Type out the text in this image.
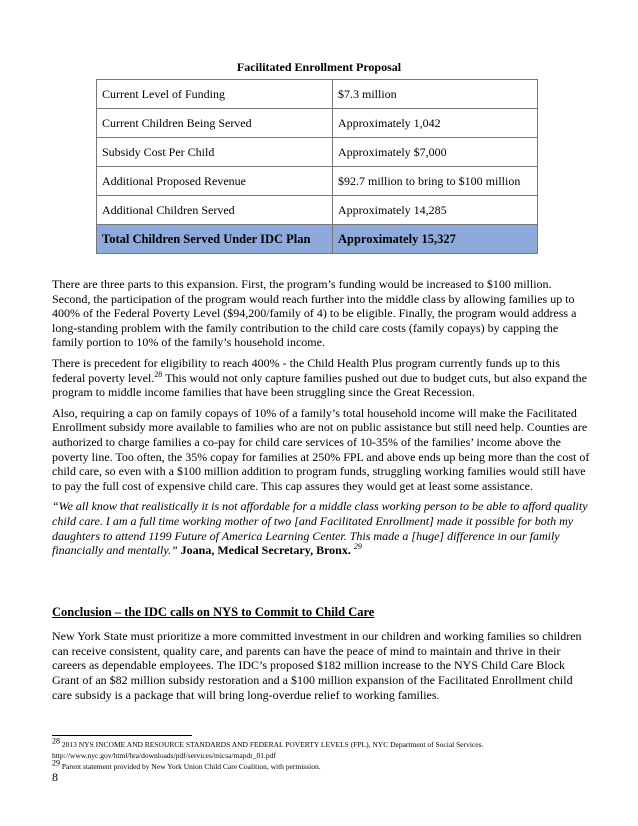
Facilitated Enrollment Proposal
Current Level of Funding	$7.3 million
Current Children Being Served	Approximately 1,042
Subsidy Cost Per Child	Approximately $7,000
Additional Proposed Revenue	$92.7 million to bring to $100 million
Additional Children Served	Approximately 14,285
Total Children Served Under IDC Plan	Approximately 15,327

There are three parts to this expansion. First, the program’s funding would be increased to $100 million. Second, the participation of the program would reach further into the middle class by allowing families up to 400% of the Federal Poverty Level ($94,200/family of 4) to be eligible. Finally, the program would address a long-standing problem with the family contribution to the child care costs (family copays) by capping the family portion to 10% of the family’s household income.

There is precedent for eligibility to reach 400% - the Child Health Plus program currently funds up to this federal poverty level.$^{28}$ This would not only capture families pushed out due to budget cuts, but also expand the program to middle income families that have been struggling since the Great Recession.

Also, requiring a cap on family copays of 10% of a family’s total household income will make the Facilitated Enrollment subsidy more available to families who are not on public assistance but still need help. Counties are authorized to charge families a co-pay for child care services of 10-35% of the families’ income above the poverty line. Too often, the 35% copay for families at 250% FPL and above ends up being more than the cost of child care, so even with a $100 million addition to program funds, struggling working families would still have to pay the full cost of expensive child care. This cap assures they would get at least some assistance.

“We all know that realistically it is not affordable for a middle class working person to be able to afford quality child care. I am a full time working mother of two [and Facilitated Enrollment] made it possible for both my daughters to attend 1199 Future of America Learning Center. This made a [huge] difference in our family financially and mentally.” Joana, Medical Secretary, Bronx. $^{29}$

Conclusion – the IDC calls on NYS to Commit to Child Care
New York State must prioritize a more committed investment in our children and working families so children can receive consistent, quality care, and parents can have the peace of mind to maintain and thrive in their careers as dependable employees. The IDC’s proposed $182 million increase to the NYS Child Care Block Grant of an $82 million subsidy restoration and a $100 million expansion of the Facilitated Enrollment child care subsidy is a package that will bring long-overdue relief to working families.
$^{28}$ 2013 NYS INCOME AND RESOURCE STANDARDS AND FEDERAL POVERTY LEVELS (FPL), NYC Department of Social Services.
http://www.nyc.gov/html/hra/downloads/pdf/services/micsa/mapdr_01.pdf
$^{29}$ Parent statement provided by New York Union Child Care Coalition, with permission.
8
